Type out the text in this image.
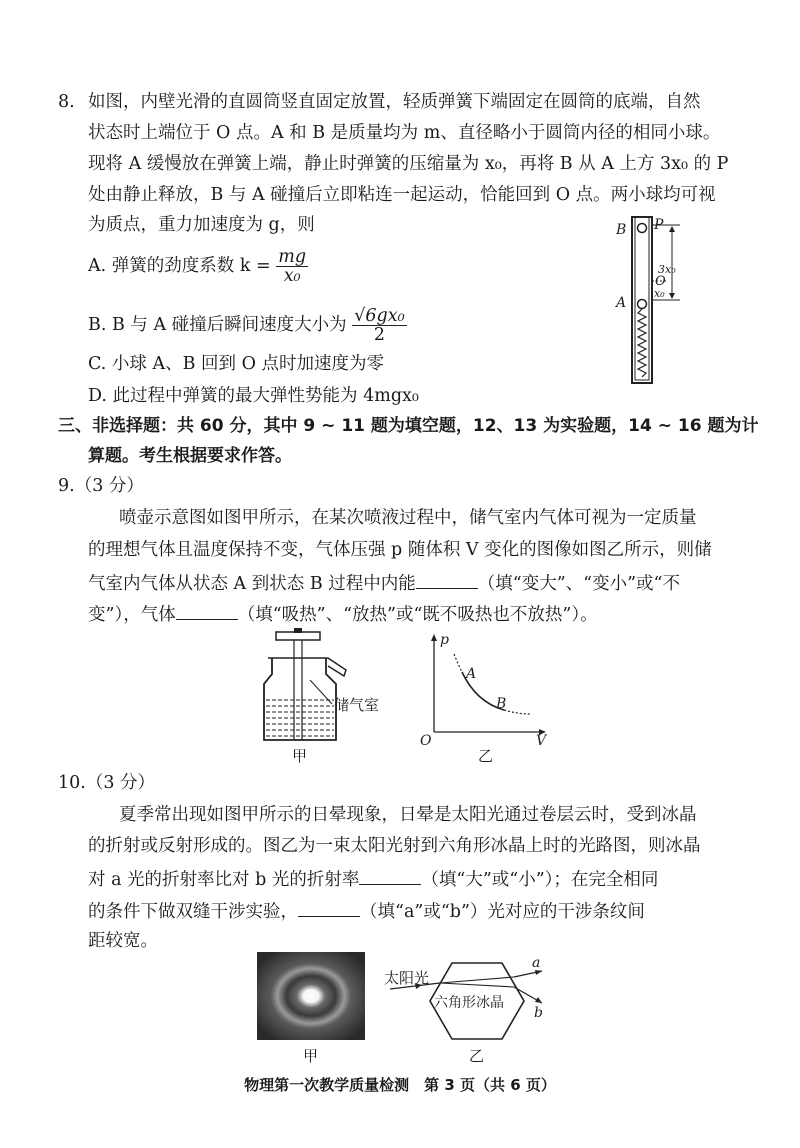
8. 如图，内壁光滑的直圆筒竖直固定放置，轻质弹簧下端固定在圆筒的底端，自然
状态时上端位于 O 点。A 和 B 是质量均为 m、直径略小于圆筒内径的相同小球。
现将 A 缓慢放在弹簧上端，静止时弹簧的压缩量为 x₀，再将 B 从 A 上方 3x₀ 的 P
处由静止释放，B 与 A 碰撞后立即粘连一起运动，恰能回到 O 点。两小球均可视
为质点，重力加速度为 g，则
A. 弹簧的劲度系数 $k = \frac{mg}{\text{x₀}}$
B. B 与 A 碰撞后瞬间速度大小为 $\frac{\text{√6gx₀}}{2}$
C. 小球 A、B 回到 O 点时加速度为零
D. 此过程中弹簧的最大弹性势能为 4mgx₀
B P
3x₀
O
x₀
A
三、非选择题：共 60 分，其中 9 ~ 11 题为填空题，12、13 为实验题，14 ~ 16 题为计
算题。考生根据要求作答。
9.（3 分）
喷壶示意图如图甲所示，在某次喷液过程中，储气室内气体可视为一定质量
的理想气体且温度保持不变，气体压强 p 随体积 V 变化的图像如图乙所示，则储
气室内气体从状态 A 到状态 B 过程中内能	（填“变大”、“变小”或“不
变”），气体	（填“吸热”、“放热”或“既不吸热也不放热”）。
储气室
甲
p
A
B
O	V
乙
10.（3 分）
夏季常出现如图甲所示的日晕现象，日晕是太阳光通过卷层云时，受到冰晶
的折射或反射形成的。图乙为一束太阳光射到六角形冰晶上时的光路图，则冰晶
对 a 光的折射率比对 b 光的折射率	（填“大”或“小”）；在完全相同
的条件下做双缝干涉实验，	（填“a”或“b”）光对应的干涉条纹间
距较宽。
甲
太阳光
六角形冰晶
a
b
乙
物理第一次教学质量检测　第 3 页（共 6 页）
